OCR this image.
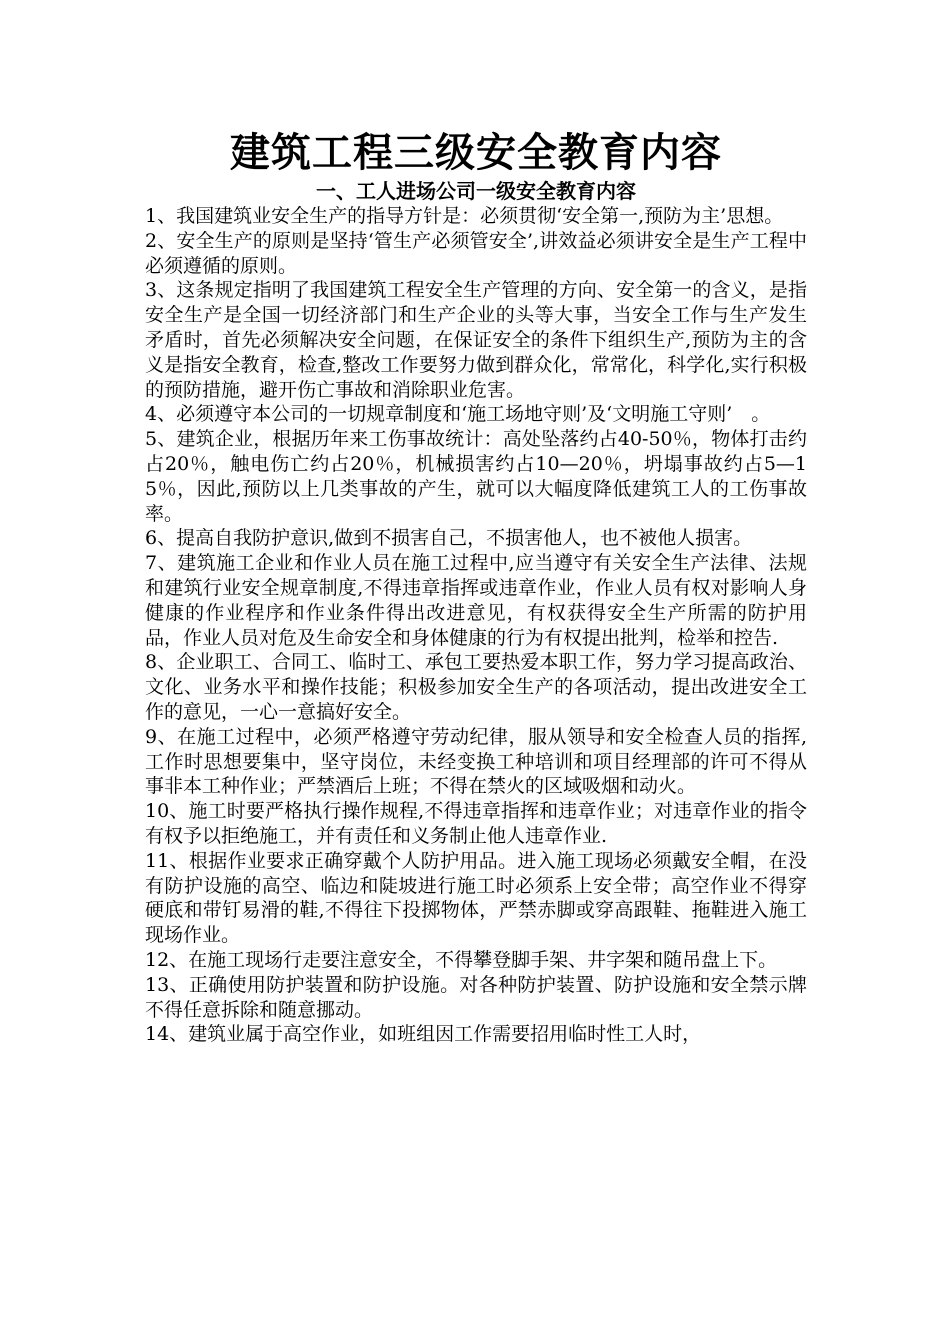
建筑工程三级安全教育内容
一、工人进场公司一级安全教育内容

1、我国建筑业安全生产的指导方针是：必须贯彻‘安全第一,预防为主’思想。

2、安全生产的原则是坚持‘管生产必须管安全’,讲效益必须讲安全是生产工程中必须遵循的原则。

3、这条规定指明了我国建筑工程安全生产管理的方向、安全第一的含义，是指安全生产是全国一切经济部门和生产企业的头等大事，当安全工作与生产发生矛盾时，首先必须解决安全问题，在保证安全的条件下组织生产,预防为主的含义是指安全教育，检查,整改工作要努力做到群众化，常常化，科学化,实行积极的预防措施，避开伤亡事故和消除职业危害。

4、必须遵守本公司的一切规章制度和‘施工场地守则’及‘文明施工守则’　。

5、建筑企业，根据历年来工伤事故统计：高处坠落约占40-50％，物体打击约占20％，触电伤亡约占20％，机械损害约占10—20％，坍塌事故约占5—15％，因此,预防以上几类事故的产生，就可以大幅度降低建筑工人的工伤事故率。

6、提高自我防护意识,做到不损害自己，不损害他人，也不被他人损害。

7、建筑施工企业和作业人员在施工过程中,应当遵守有关安全生产法律、法规和建筑行业安全规章制度,不得违章指挥或违章作业，作业人员有权对影响人身健康的作业程序和作业条件得出改进意见，有权获得安全生产所需的防护用品，作业人员对危及生命安全和身体健康的行为有权提出批判，检举和控告.

8、企业职工、合同工、临时工、承包工要热爱本职工作，努力学习提高政治、文化、业务水平和操作技能；积极参加安全生产的各项活动，提出改进安全工作的意见，一心一意搞好安全。

9、在施工过程中，必须严格遵守劳动纪律，服从领导和安全检查人员的指挥,工作时思想要集中，坚守岗位，未经变换工种培训和项目经理部的许可不得从事非本工种作业；严禁酒后上班；不得在禁火的区域吸烟和动火。

10、施工时要严格执行操作规程,不得违章指挥和违章作业；对违章作业的指令有权予以拒绝施工，并有责任和义务制止他人违章作业.

11、根据作业要求正确穿戴个人防护用品。进入施工现场必须戴安全帽，在没有防护设施的高空、临边和陡坡进行施工时必须系上安全带；高空作业不得穿硬底和带钉易滑的鞋,不得往下投掷物体，严禁赤脚或穿高跟鞋、拖鞋进入施工现场作业。

12、在施工现场行走要注意安全，不得攀登脚手架、井字架和随吊盘上下。

13、正确使用防护装置和防护设施。对各种防护装置、防护设施和安全禁示牌不得任意拆除和随意挪动。

14、建筑业属于高空作业，如班组因工作需要招用临时性工人时，
